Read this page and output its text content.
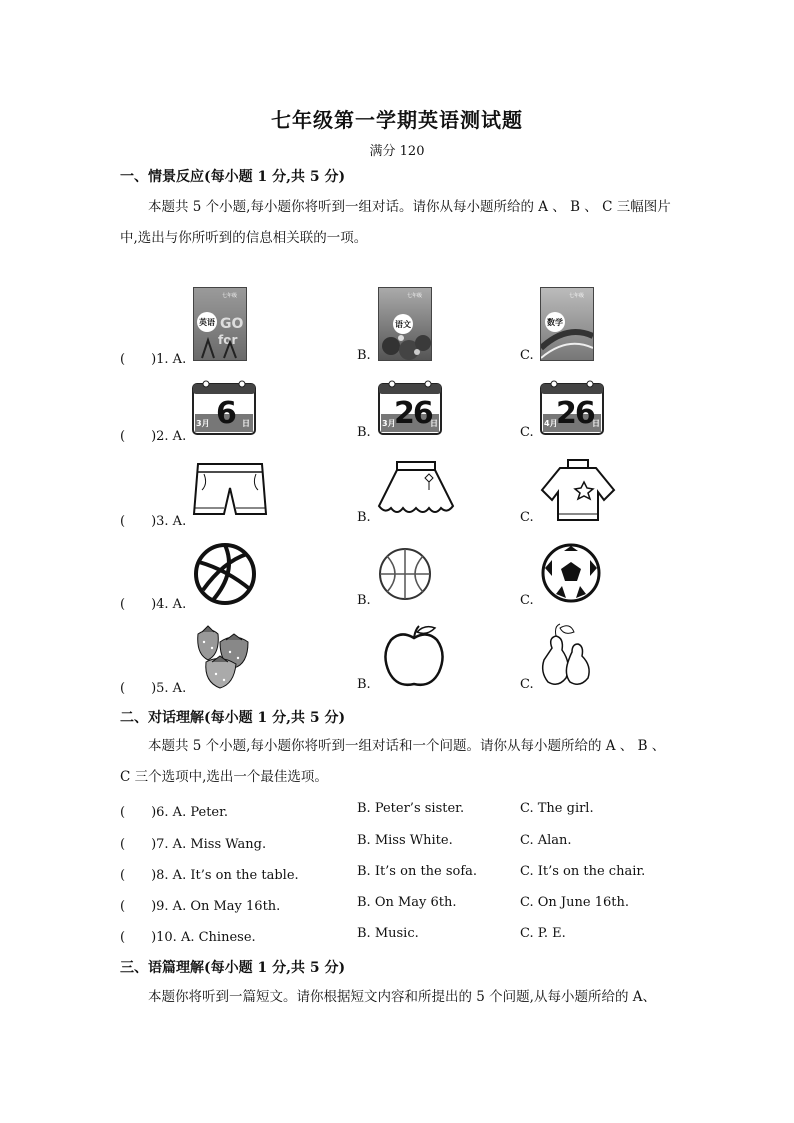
七年级第一学期英语测试题
满分 120
一、情景反应(每小题 1 分,共 5 分)
本题共 5 个小题,每小题你将听到一组对话。请你从每小题所给的 A 、 B 、 C 三幅图片中,选出与你所听到的信息相关联的一项。
(　　)1. A.	B.	C.
七年级
英语 GO
for
七年级
语文
七年级
数学
(　　)2. A.	B.	C.
3月 6 日	3月
26
日	4月
26
日
(　　)3. A.	B.	C.
(　　)4. A.	B.	C.
(　　)5. A.	B.	C.
二、对话理解(每小题 1 分,共 5 分)
本题共 5 个小题,每小题你将听到一组对话和一个问题。请你从每小题所给的 A 、 B 、 C 三个选项中,选出一个最佳选项。
(　　)6. A. Peter.	B. Peter’s sister.	C. The girl.
(　　)7. A. Miss Wang.	B. Miss White.	C. Alan.
(　　)8. A. It’s on the table.	B. It’s on the sofa.	C. It’s on the chair.
(　　)9. A. On May 16th.	B. On May 6th.	C. On June 16th.
(　　)10. A. Chinese.	B. Music.	C. P. E.
三、语篇理解(每小题 1 分,共 5 分)
本题你将听到一篇短文。请你根据短文内容和所提出的 5 个问题,从每小题所给的 A、
